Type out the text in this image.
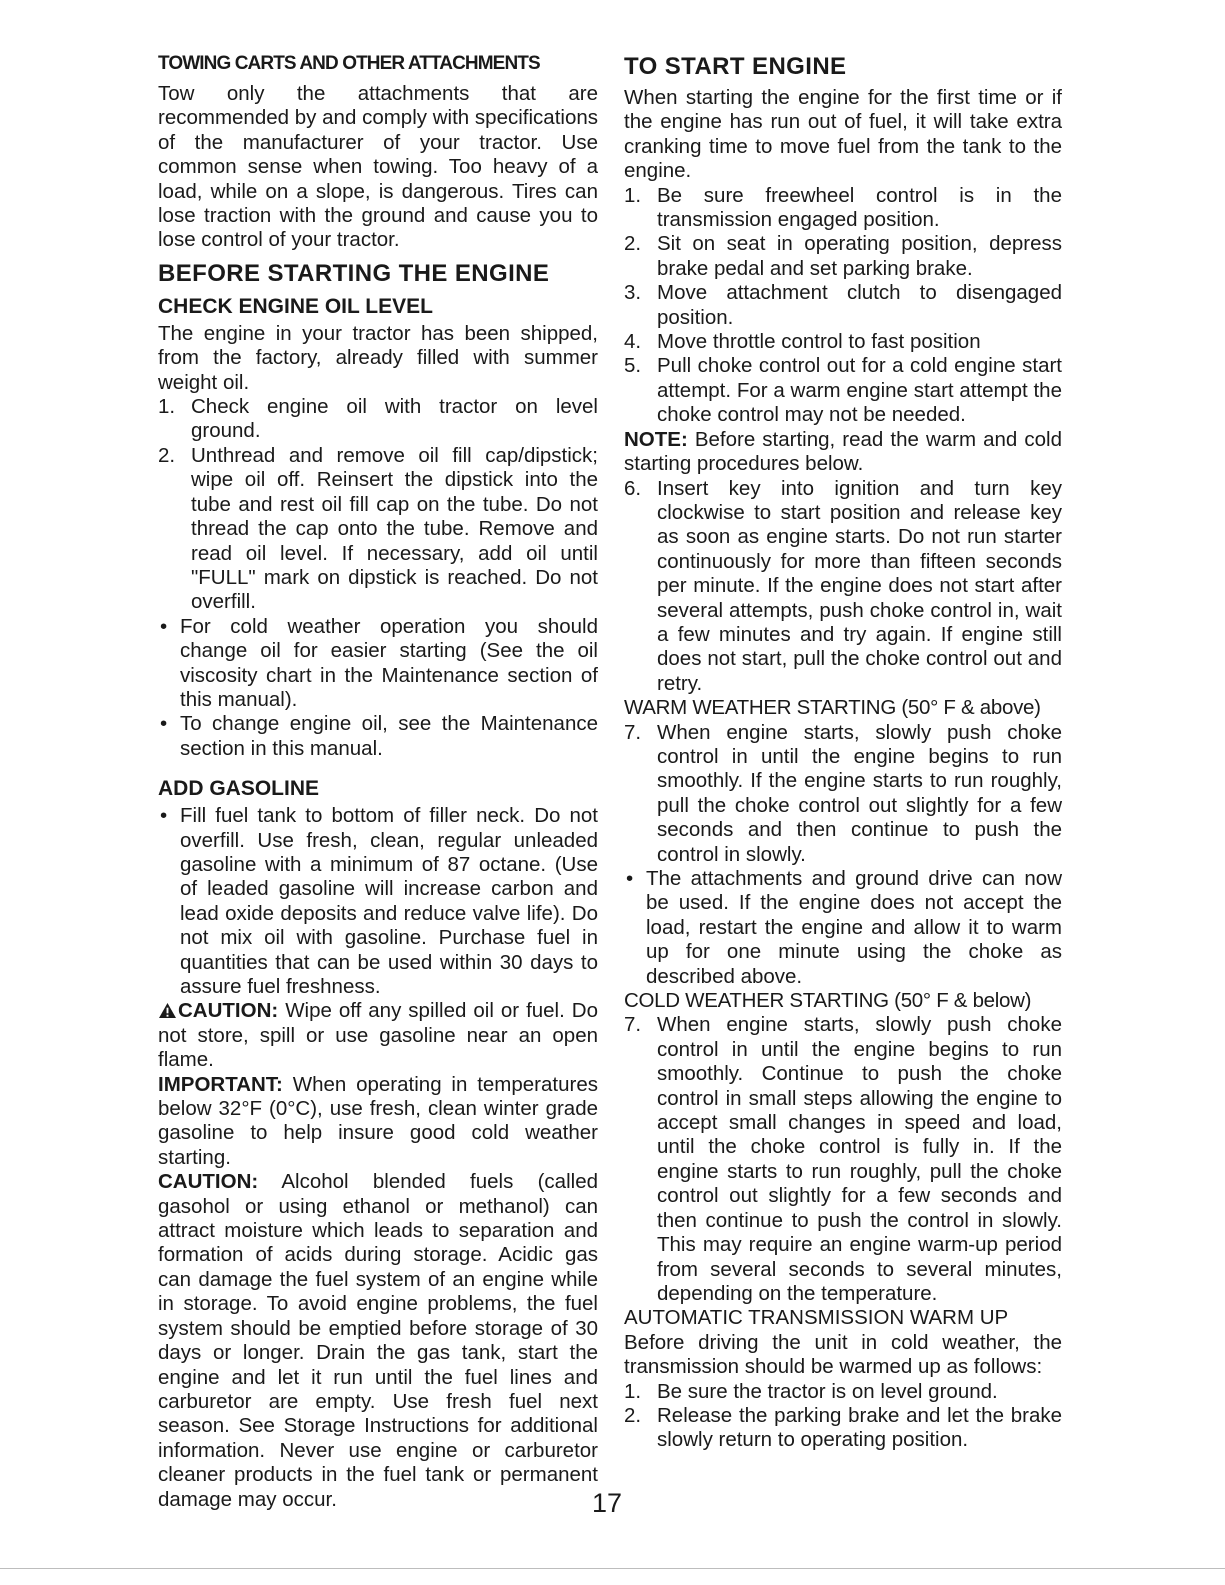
TOWING CARTS AND OTHER ATTACHMENTS

Tow only the attachments that are recommended by and comply with specifications of the manufacturer of your tractor. Use common sense when towing. Too heavy of a load, while on a slope, is dangerous. Tires can lose traction with the ground and cause you to lose control of your tractor.

BEFORE STARTING THE ENGINE
CHECK ENGINE OIL LEVEL

The engine in your tractor has been shipped, from the factory, already filled with summer weight oil.

1. Check engine oil with tractor on level ground.
2. Unthread and remove oil fill cap/dipstick; wipe oil off. Reinsert the dipstick into the tube and rest oil fill cap on the tube. Do not thread the cap onto the tube. Remove and read oil level. If necessary, add oil until "FULL" mark on dipstick is reached. Do not overfill.
• For cold weather operation you should change oil for easier starting (See the oil viscosity chart in the Maintenance section of this manual).
• To change engine oil, see the Maintenance section in this manual.
ADD GASOLINE
• Fill fuel tank to bottom of filler neck. Do not overfill. Use fresh, clean, regular unleaded gasoline with a minimum of 87 octane. (Use of leaded gasoline will increase carbon and lead oxide deposits and reduce valve life). Do not mix oil with gasoline. Purchase fuel in quantities that can be used within 30 days to assure fuel freshness.

CAUTION: Wipe off any spilled oil or fuel. Do not store, spill or use gasoline near an open flame.

IMPORTANT: When operating in temperatures below 32°F (0°C), use fresh, clean winter grade gasoline to help insure good cold weather starting.

CAUTION: Alcohol blended fuels (called gasohol or using ethanol or methanol) can attract moisture which leads to separation and formation of acids during storage. Acidic gas can damage the fuel system of an engine while in storage. To avoid engine problems, the fuel system should be emptied before storage of 30 days or longer. Drain the gas tank, start the engine and let it run until the fuel lines and carburetor are empty. Use fresh fuel next season. See Storage Instructions for additional information. Never use engine or carburetor cleaner products in the fuel tank or permanent damage may occur.

TO START ENGINE

When starting the engine for the first time or if the engine has run out of fuel, it will take extra cranking time to move fuel from the tank to the engine.

1. Be sure freewheel control is in the transmission engaged position.
2. Sit on seat in operating position, depress brake pedal and set parking brake.
3. Move attachment clutch to disengaged position.
4. Move throttle control to fast position
5. Pull choke control out for a cold engine start attempt. For a warm engine start attempt the choke control may not be needed.

NOTE: Before starting, read the warm and cold starting procedures below.

6. Insert key into ignition and turn key clockwise to start position and release key as soon as engine starts. Do not run starter continuously for more than fifteen seconds per minute. If the engine does not start after several attempts, push choke control in, wait a few minutes and try again. If engine still does not start, pull the choke control out and retry.

WARM WEATHER STARTING (50° F & above)

7. When engine starts, slowly push choke control in until the engine begins to run smoothly. If the engine starts to run roughly, pull the choke control out slightly for a few seconds and then continue to push the control in slowly.
• The attachments and ground drive can now be used. If the engine does not accept the load, restart the engine and allow it to warm up for one minute using the choke as described above.

COLD WEATHER STARTING (50° F & below)

7. When engine starts, slowly push choke control in until the engine begins to run smoothly. Continue to push the choke control in small steps allowing the engine to accept small changes in speed and load, until the choke control is fully in. If the engine starts to run roughly, pull the choke control out slightly for a few seconds and then continue to push the control in slowly. This may require an engine warm-up period from several seconds to several minutes, depending on the temperature.

AUTOMATIC TRANSMISSION WARM UP

Before driving the unit in cold weather, the transmission should be warmed up as follows:

1. Be sure the tractor is on level ground.
2. Release the parking brake and let the brake slowly return to operating position.
17
